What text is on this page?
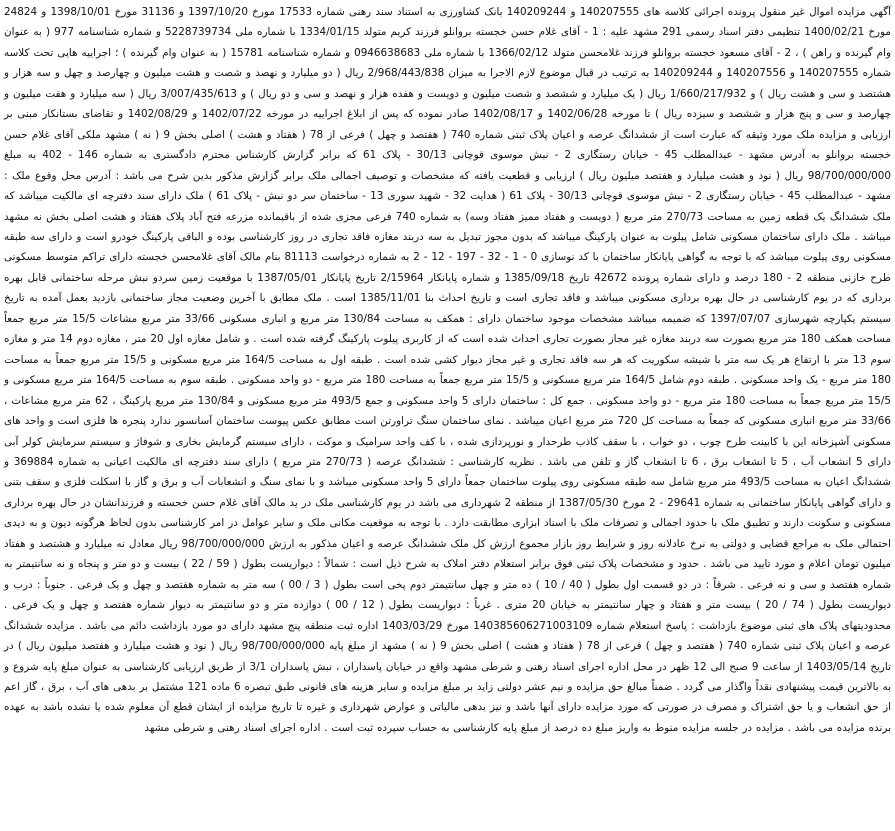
آگهی مزایده اموال غیر منقول پرونده اجرائی کلاسه های 140207555 و 140209244 بانک کشاورزی به استناد سند رهنی شماره 17533 مورخ 1397/10/20 و 31136 مورخ 1398/10/01 و 24824 مورخ 1400/02/21 تنظیمی دفتر اسناد رسمی 291 مشهد علیه : 1 - آقای غلام حسن خجسته بروانلو فرزند کریم متولد 1334/01/15 با شماره ملی 5228739734 و شماره شناسنامه 977 ( به عنوان وام گیرنده و راهن ) ، 2 - آقای مسعود خجسته بروانلو فرزند غلامحسن متولد 1366/02/12 با شماره ملی 0946638683 و شماره شناسنامه 15781 ( به عنوان وام گیرنده ) ؛ اجراییه هایی تحت کلاسه شماره 140207555 و 140207556 و 140209244 به ترتیب در قبال موضوع لازم الاجرا به میزان 2/968/443/838 ریال ( دو میلیارد و نهصد و شصت و هشت میلیون و چهارصد و چهل و سه هزار و هشتصد و سی و هشت ریال ) و 1/660/217/932 ریال ( یک میلیارد و ششصد و شصت میلیون و دویست و هفده هزار و نهصد و سی و دو ریال ) و 3/007/435/613 ریال ( سه میلیارد و هفت میلیون و چهارصد و سی و پنج هزار و ششصد و سیزده ریال ) تا مورخه 1402/06/28 و 1402/08/17 صادر نموده که پس از ابلاغ اجراییه در مورخه 1402/07/22 و 1402/08/29 و تقاضای بستانکار مبنی بر ارزیابی و مزایده ملک مورد وثیقه که عبارت است از ششدانگ عرصه و اعیان پلاک ثبتی شماره 740 ( هفتصد و چهل ) فرعی از 78 ( هفتاد و هشت ) اصلی بخش 9 ( نه ) مشهد ملکی آقای غلام حسن خجسته بروانلو به آدرس مشهد - عبدالمطلب 45 - خیابان رستگاری 2 - نبش موسوی قوچانی 30/13 - پلاک 61 که برابر گزارش کارشناس محترم دادگستری به شماره 146 - 402 به مبلغ 98/700/000/000 ریال ( نود و هشت میلیارد و هفتصد میلیون ریال ) ارزیابی و قطعیت یافته که مشخصات و توصیف اجمالی ملک برابر گزارش مذکور بدین شرح می باشد : آدرس محل وقوع ملک : مشهد - عبدالمطلب 45 - خیابان رستگاری 2 - نبش موسوی قوچانی 30/13 - پلاک 61 ( هدایت 32 - شهید سوری 13 - ساختمان سر دو نبش - پلاک 61 ) ملک دارای سند دفترچه ای مالکیت میباشد که ملک ششدانگ یک قطعه زمین به مساحت 270/73 متر مربع ( دویست و هفتاد ممیز هفتاد وسه) به شماره 740 فرعی مجزی شده از باقیمانده مزرعه فتح آباد پلاک هفتاد و هشت اصلی بخش نه مشهد میباشد . ملک دارای ساختمان مسکونی شامل پیلوت به عنوان پارکینگ میباشد که بدون مجوز تبدیل به سه دربند مغازه فاقد تجاری در روز کارشناسی بوده و الباقی پارکینگ خودرو است و دارای سه طبقه مسکونی روی پیلوت میباشد که با توجه به گواهی پایانکار ساختمان با کد نوسازی 0 - 1 - 32 - 197 - 12 - 2 به شماره درخواست 81113 بنام مالک آقای غلامحسن خجسته دارای تراکم متوسط مسکونی طرح خازنی منطقه 2 - 180 درصد و دارای شماره پرونده 42672 تاریخ 1385/09/18 و شماره پایانکار 2/15964 تاریخ پایانکار 1387/05/01 با موقعیت زمین سردو نبش مرحله ساختمانی قابل بهره برداری که در یوم کارشناسی در حال بهره برداری مسکونی میباشد و فاقد تجاری است و تاریخ احداث بنا 1385/11/01 است . ملک مطابق با آخرین وضعیت مجاز ساختمانی بازدید بعمل آمده به تاریخ سیستم یکپارچه شهرسازی 1397/07/07 که ضمیمه میباشد مشخصات موجود ساختمان دارای : همکف به مساحت 130/84 متر مربع و انباری مسکونی 33/66 متر مربع مشاعات 15/5 متر مربع جمعاً مساحت همکف 180 متر مربع بصورت سه دربند مغازه غیر مجاز بصورت تجاری احداث شده است که از کاربری پیلوت پارکینگ گرفته شده است . و شامل مغازه اول 20 متر ، مغازه دوم 14 متر و مغازه سوم 13 متر با ارتفاع هر یک سه متر با شیشه سکوریت که هر سه فاقد تجاری و غیر مجاز دیوار کشی شده است . طبقه اول به مساحت 164/5 متر مربع مسکونی و 15/5 متر مربع جمعاً به مساحت 180 متر مربع - یک واحد مسکونی . طبقه دوم شامل 164/5 متر مربع مسکونی و 15/5 متر مربع جمعاً به مساحت 180 متر مربع - دو واحد مسکونی . طبقه سوم به مساحت 164/5 متر مربع مسکونی و 15/5 متر مربع جمعاً به مساحت 180 متر مربع - دو واحد مسکونی . جمع کل : ساختمان دارای 5 واحد مسکونی و جمع 493/5 متر مربع مسکونی و 130/84 متر مربع پارکینگ ، 62 متر مربع مشاعات ، 33/66 متر مربع انباری مسکونی که جمعاً به مساحت کل 720 متر مربع اعیان میباشد . نمای ساختمان سنگ تراورتن است مطابق عکس پیوست ساختمان آسانسور ندارد پنجره ها فلزی است و واحد های مسکونی آشپزخانه این با کابینت طرح چوب ، دو خواب ، با سقف کاذب طرحدار و نورپردازی شده ، با کف واحد سرامیک و موکت ، دارای سیستم گرمایش بخاری و شوفاژ و سیستم سرمایش کولر آبی دارای 5 انشعاب آب ، 5 تا انشعاب برق ، 6 تا انشعاب گاز و تلفن می باشد . نظریه کارشناسی : ششدانگ عرصه ( 270/73 متر مربع ) دارای سند دفترچه ای مالکیت اعیانی به شماره 369884 و ششدانگ اعیان به مساحت 493/5 متر مربع شامل سه طبقه مسکونی روی پیلوت ساختمان جمعاً دارای 5 واحد مسکونی میباشد و با نمای سنگ و انشعابات آب و برق و گاز با اسکلت فلزی و سقف بتنی و دارای گواهی پایانکار ساختمانی به شماره 29641 - 2 مورخ 1387/05/30 از منطقه 2 شهرداری می باشد در یوم کارشناسی ملک در ید مالک آقای غلام حسن خجسته و فرزندانشان در حال بهره برداری مسکونی و سکونت دارند و تطبیق ملک با حدود اجمالی و تصرفات ملک با اسناد ابزاری مطابقت دارد . با توجه به موقعیت مکانی ملک و سایر عوامل در امر کارشناسی بدون لحاظ هرگونه دیون و به دیدی احتمالی ملک به مراجع قضایی و دولتی به نرخ عادلانه روز و شرایط روز بازار مجموع ارزش کل ملک ششدانگ عرصه و اعیان مذکور به ارزش 98/700/000/000 ریال معادل نه میلیارد و هشتصد و هفتاد میلیون تومان اعلام و مورد تایید می باشد . حدود و مشخصات پلاک ثبتی فوق برابر استعلام دفتر املاک به شرح ذیل است : شمالاً : دیواریست بطول ( 59 / 22 ) بیست و دو متر و پنجاه و نه سانتیمتر به شماره هفتصد و سی و نه فرعی . شرقاً : در دو قسمت اول بطول ( 40 / 10 ) ده متر و چهل سانتیمتر دوم پخی است بطول ( 3 / 00 ) سه متر به شماره هفتصد و چهل و یک فرعی . جنوباً : درب و دیواریست بطول ( 74 / 20 ) بیست متر و هفتاد و چهار سانتیمتر به خیابان 20 متری . غرباً : دیواریست بطول ( 12 / 00 ) دوازده متر و دو سانتیمتر به دیوار شماره هفتصد و چهل و یک فرعی . محدودیتهای پلاک های ثبتی موضوع بازداشت : پاسخ استعلام شماره 140385606271003109 مورخ 1403/03/29 اداره ثبت منطقه پنج مشهد دارای دو مورد بازداشت دائم می باشد . مزایده ششدانگ عرصه و اعیان پلاک ثبتی شماره 740 ( هفتصد و چهل ) فرعی از 78 ( هفتاد و هشت ) اصلی بخش 9 ( نه ) مشهد از مبلغ پایه 98/700/000/000 ریال ( نود و هشت میلیارد و هفتصد میلیون ریال ) در تاریخ 1403/05/14 از ساعت 9 صبح الی 12 ظهر در محل اداره اجرای اسناد رهنی و شرطی مشهد واقع در خیابان پاسداران ، نبش پاسداران 3/1 از طریق ارزیابی کارشناسی به عنوان مبلغ پایه شروع و به بالاترین قیمت پیشنهادی نقداً واگذار می گردد . ضمناً مبالغ حق مزایده و نیم عشر دولتی زاید بر مبلغ مزایده و سایر هزینه های قانونی طبق تبصره 6 ماده 121 مشتمل بر بدهی های آب ، برق ، گاز اعم از حق انشعاب و یا حق اشتراک و مصرف در صورتی که مورد مزایده دارای آنها باشد و نیز بدهی مالیاتی و عوارض شهرداری و غیره تا تاریخ مزایده از ایشان قطع آن معلوم شده یا نشده باشد به عهده برنده مزایده می باشد . مزایده در جلسه مزایده منوط به واریز مبلغ ده درصد از مبلغ پایه کارشناسی به حساب سپرده ثبت است . اداره اجرای اسناد رهنی و شرطی مشهد
